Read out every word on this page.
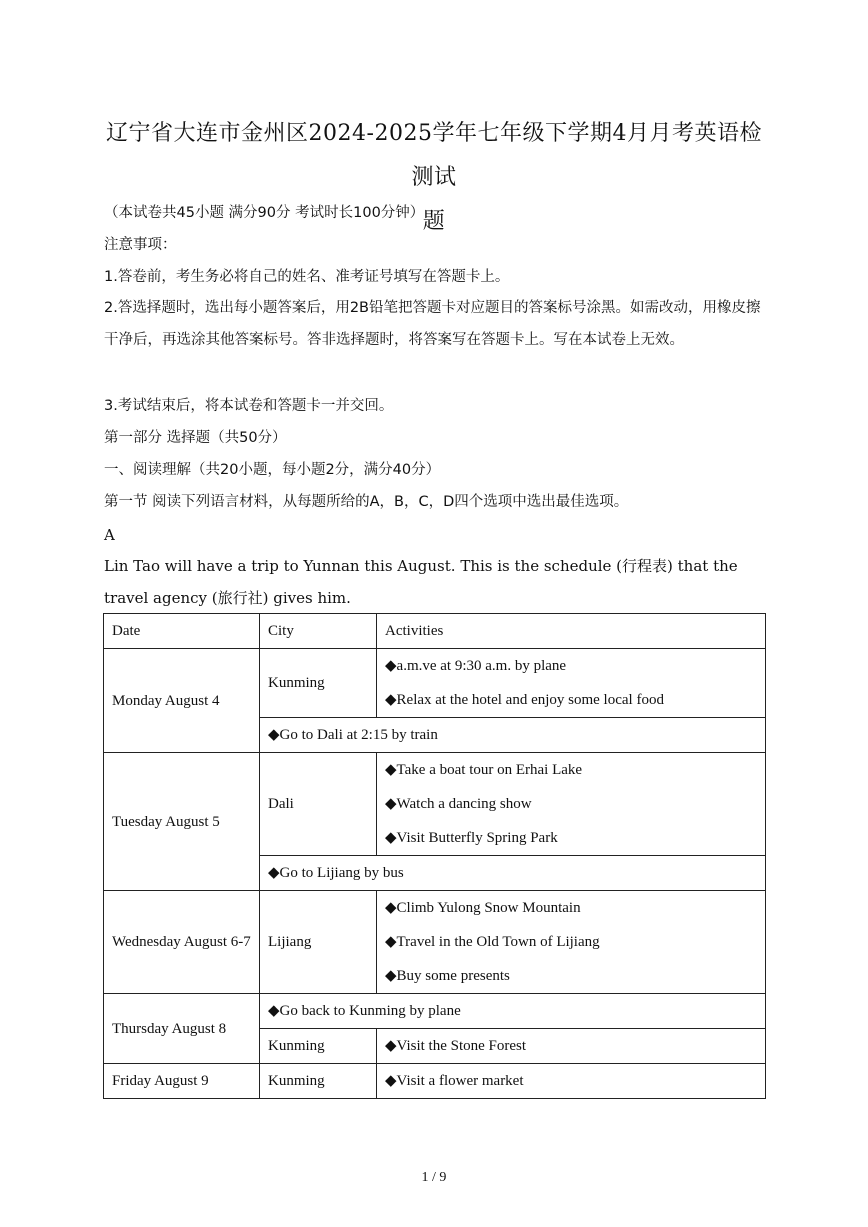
辽宁省大连市金州区2024-2025学年七年级下学期4月月考英语检测试
题
（本试卷共45小题 满分90分 考试时长100分钟）
注意事项：
1.答卷前，考生务必将自己的姓名、准考证号填写在答题卡上。
2.答选择题时，选出每小题答案后，用2B铅笔把答题卡对应题目的答案标号涂黑。如需改动，用橡皮擦干净后，再选涂其他答案标号。答非选择题时，将答案写在答题卡上。写在本试卷上无效。
3.考试结束后，将本试卷和答题卡一并交回。
第一部分 选择题（共50分）
一、阅读理解（共20小题，每小题2分，满分40分）
第一节 阅读下列语言材料，从每题所给的A，B，C，D四个选项中选出最佳选项。
A
Lin Tao will have a trip to Yunnan this August. This is the schedule (行程表) that the travel agency (旅行社) gives him.
Date	City	Activities
Monday August 4	Kunming	◆a.m.ve at 9:30 a.m. by plane
◆Relax at the hotel and enjoy some local food

	◆Go to Dali at 2:15 by train	
Tuesday August 5	Dali	◆Take a boat tour on Erhai Lake
◆Watch a dancing show
◆Visit Butterfly Spring Park

	◆Go to Lijiang by bus	
Wednesday August 6-7	Lijiang	◆Climb Yulong Snow Mountain
◆Travel in the Old Town of Lijiang
◆Buy some presents

Thursday August 8	◆Go back to Kunming by plane	
	Kunming	◆Visit the Stone Forest
Friday August 9	Kunming	◆Visit a flower market
1 / 9
